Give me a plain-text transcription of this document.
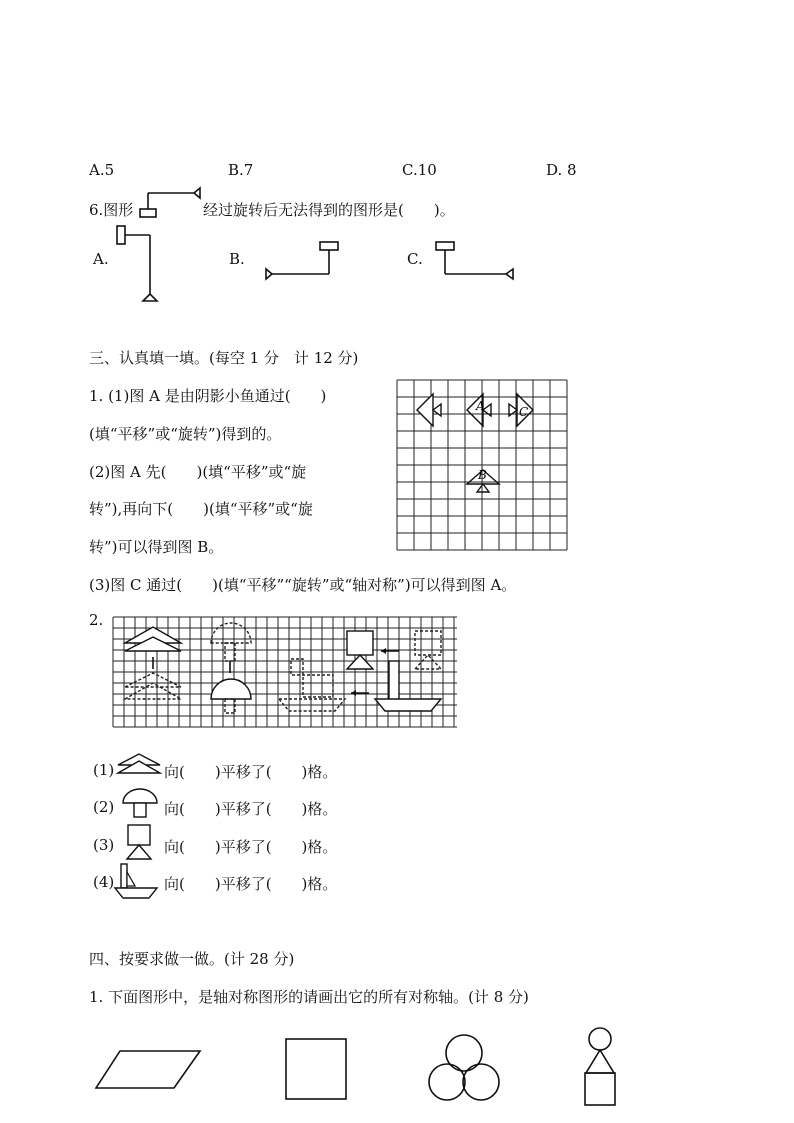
A.5	B.7	C.10	D. 8
6.图形	经过旋转后无法得到的图形是(　　)。
A.	B.	C.
三、认真填一填。(每空 1 分　计 12 分)
1. (1)图 A 是由阴影小鱼通过(　　)
(填“平移”或“旋转”)得到的。
(2)图 A 先(　　)(填“平移”或“旋
转”),再向下(　　)(填“平移”或“旋
转”)可以得到图 B。
A	C
B
(3)图 C 通过(　　)(填“平移”“旋转”或“轴对称”)可以得到图 A。
2.
(1)	向(　　)平移了(　　)格。
(2)	向(　　)平移了(　　)格。
(3)	向(　　)平移了(　　)格。
(4)	向(　　)平移了(　　)格。
四、按要求做一做。(计 28 分)
1. 下面图形中，是轴对称图形的请画出它的所有对称轴。(计 8 分)
